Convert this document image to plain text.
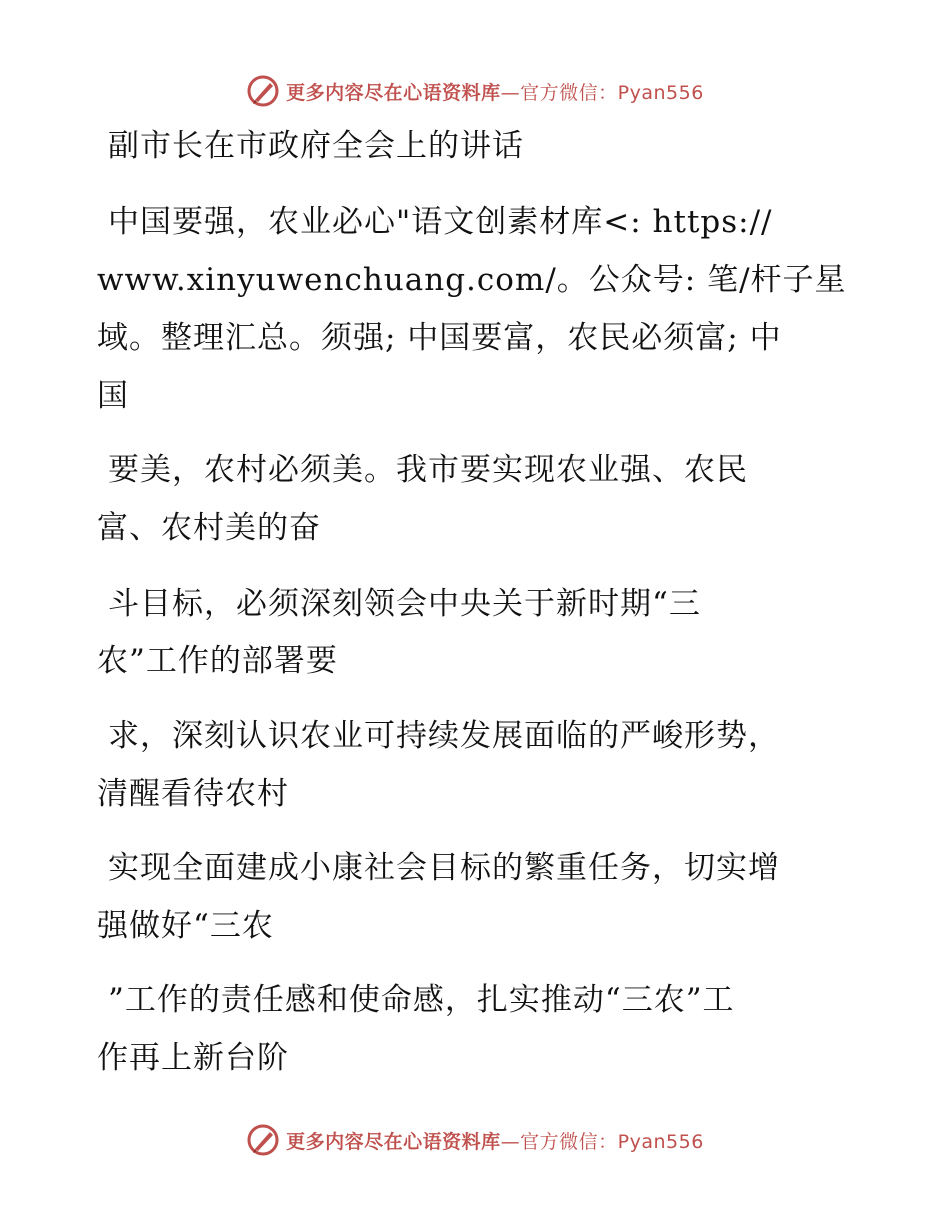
更多内容尽在心语资料库—官方微信：Pyan556
副市长在市政府全会上的讲话
中国要强，农业必心"语文创素材库<: https://
www.xinyuwenchuang.com/。公众号: 笔/杆子星
域。整理汇总。须强; 中国要富，农民必须富; 中
国
要美，农村必须美。我市要实现农业强、农民
富、农村美的奋
斗目标，必须深刻领会中央关于新时期“三
农”工作的部署要
求，深刻认识农业可持续发展面临的严峻形势，
清醒看待农村
实现全面建成小康社会目标的繁重任务，切实增
强做好“三农
”工作的责任感和使命感，扎实推动“三农”工
作再上新台阶
更多内容尽在心语资料库—官方微信：Pyan556
